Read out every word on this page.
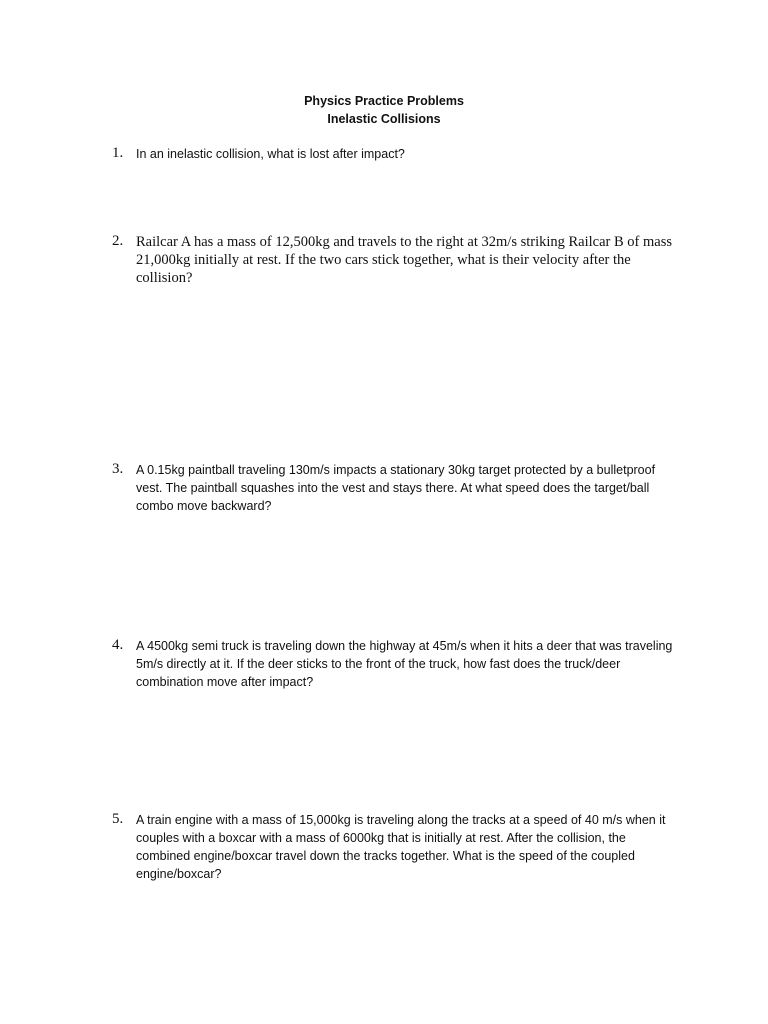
Physics Practice Problems
Inelastic Collisions
1. In an inelastic collision, what is lost after impact?
2. Railcar A has a mass of 12,500kg and travels to the right at 32m/s striking Railcar B of mass 21,000kg initially at rest. If the two cars stick together, what is their velocity after the collision?
3. A 0.15kg paintball traveling 130m/s impacts a stationary 30kg target protected by a bulletproof vest. The paintball squashes into the vest and stays there. At what speed does the target/ball combo move backward?
4. A 4500kg semi truck is traveling down the highway at 45m/s when it hits a deer that was traveling 5m/s directly at it. If the deer sticks to the front of the truck, how fast does the truck/deer combination move after impact?
5. A train engine with a mass of 15,000kg is traveling along the tracks at a speed of 40 m/s when it couples with a boxcar with a mass of 6000kg that is initially at rest. After the collision, the combined engine/boxcar travel down the tracks together. What is the speed of the coupled engine/boxcar?
